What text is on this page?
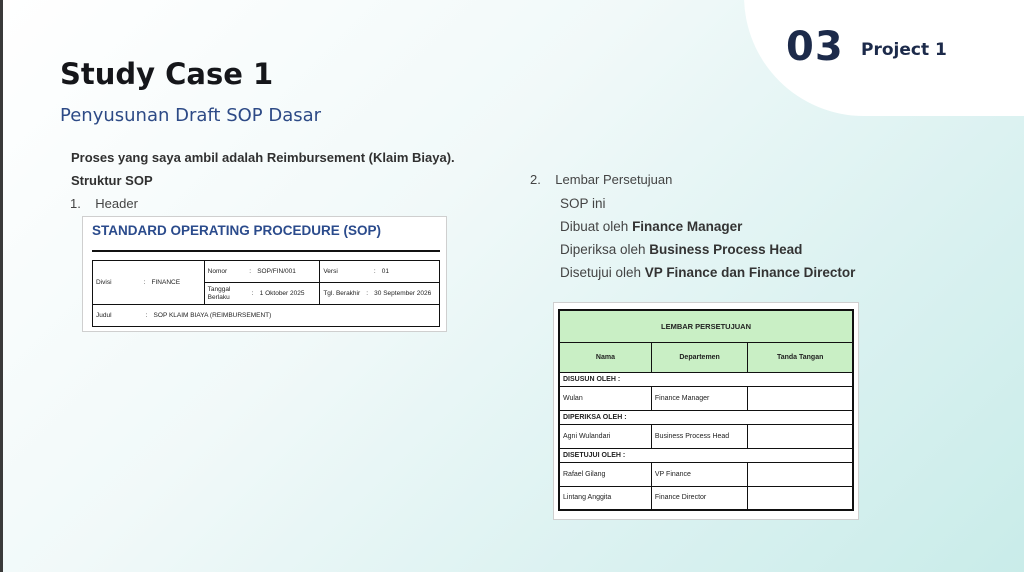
03 Project 1
Study Case 1
Penyusunan Draft SOP Dasar
Proses yang saya ambil adalah Reimbursement (Klaim Biaya).
Struktur SOP
1.    Header
2.    Lembar Persetujuan
SOP ini
Dibuat oleh Finance Manager
Diperiksa oleh Business Process Head
Disetujui oleh VP Finance dan Finance Director
STANDARD OPERATING PROCEDURE (SOP)
Divisi : FINANCE	Nomor : SOP/FIN/001	Versi : 01
	Tanggal Berlaku : 1 Oktober 2025	Tgl. Berakhir : 30 September 2026
Judul : SOP KLAIM BIAYA (REIMBURSEMENT)		
LEMBAR PERSETUJUAN		
Nama	Departemen	Tanda Tangan
DISUSUN OLEH :		
Wulan	Finance Manager	
DIPERIKSA OLEH :		
Agni Wulandari	Business Process Head	
DISETUJUI OLEH :		
Rafael Gilang	VP Finance	
Lintang Anggita	Finance Director	
